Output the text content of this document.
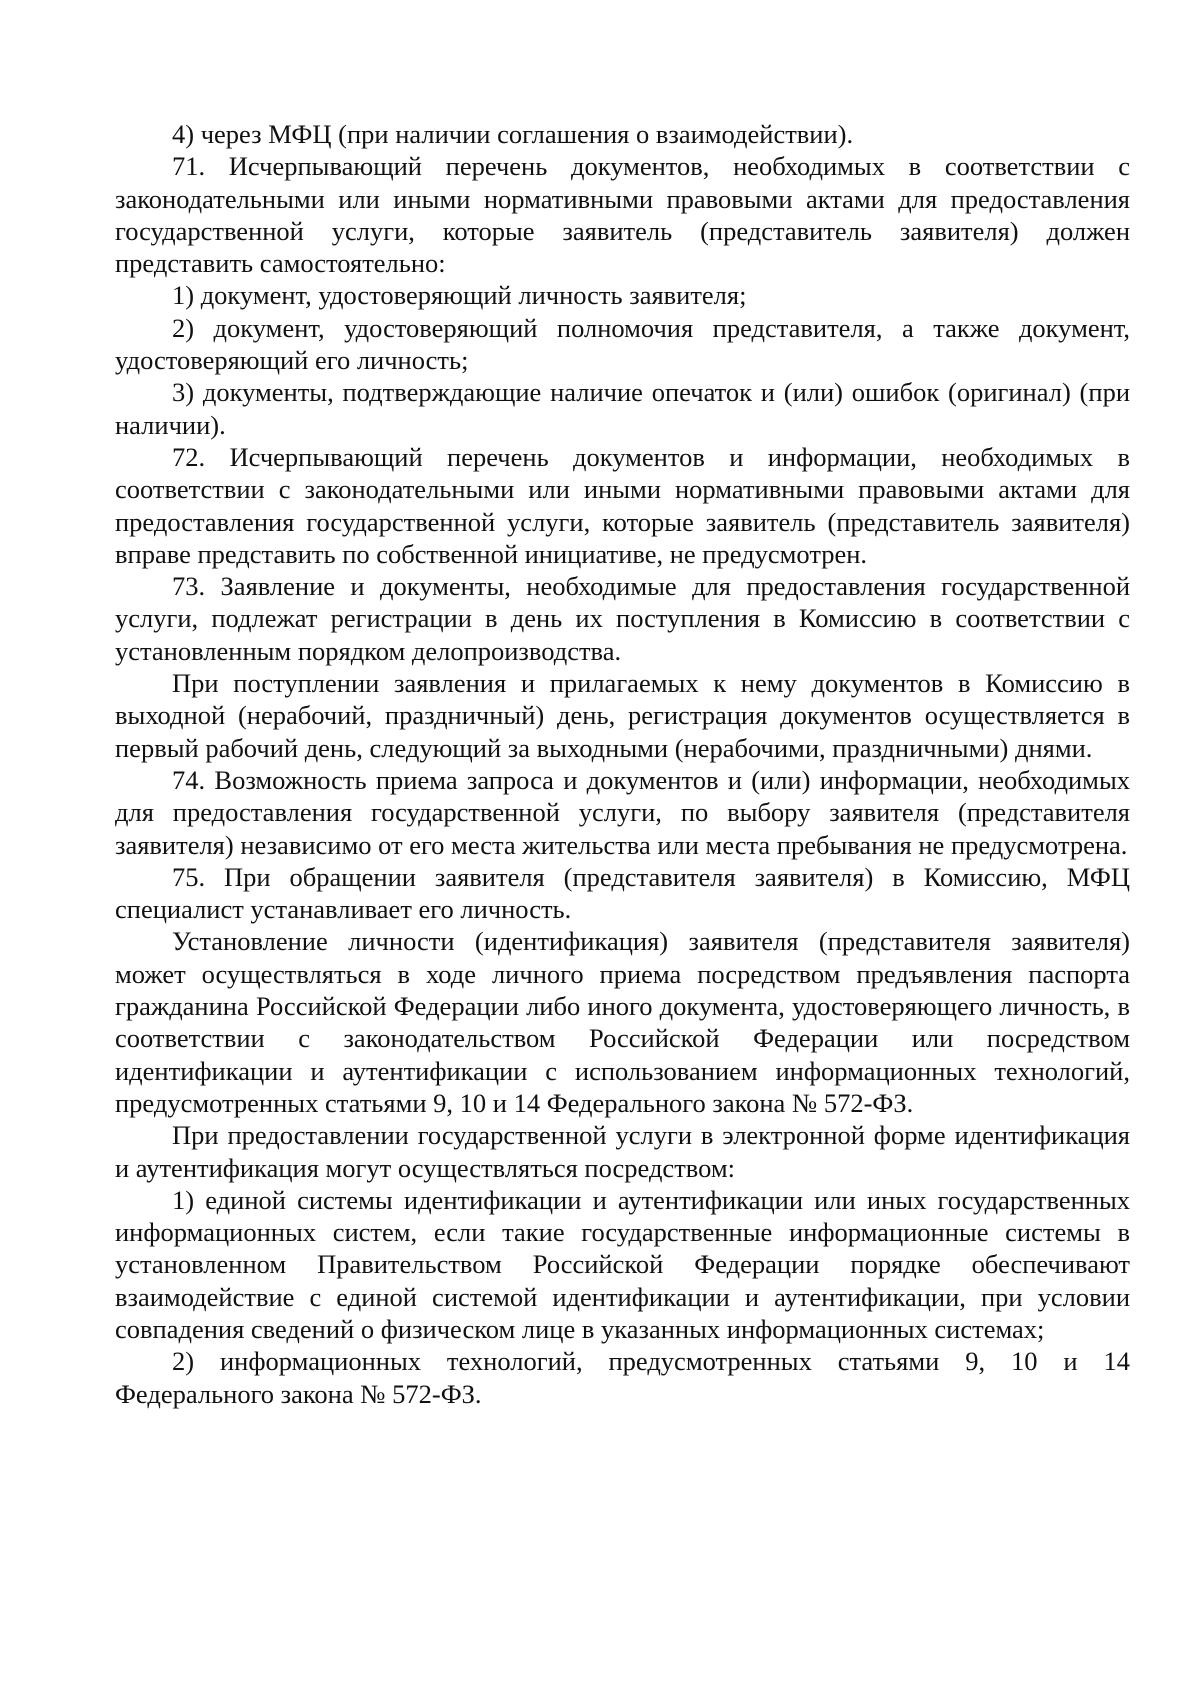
4) через МФЦ (при наличии соглашения о взаимодействии).

71. Исчерпывающий перечень документов, необходимых в соответствии с законодательными или иными нормативными правовыми актами для предоставления государственной услуги, которые заявитель (представитель заявителя) должен представить самостоятельно:

1) документ, удостоверяющий личность заявителя;

2) документ, удостоверяющий полномочия представителя, а также документ, удостоверяющий его личность;

3) документы, подтверждающие наличие опечаток и (или) ошибок (оригинал) (при наличии).

72. Исчерпывающий перечень документов и информации, необходимых в соответствии с законодательными или иными нормативными правовыми актами для предоставления государственной услуги, которые заявитель (представитель заявителя) вправе представить по собственной инициативе, не предусмотрен.

73. Заявление и документы, необходимые для предоставления государственной услуги, подлежат регистрации в день их поступления в Комиссию в соответствии с установленным порядком делопроизводства.

При поступлении заявления и прилагаемых к нему документов в Комиссию в выходной (нерабочий, праздничный) день, регистрация документов осуществляется в первый рабочий день, следующий за выходными (нерабочими, праздничными) днями.

74. Возможность приема запроса и документов и (или) информации, необходимых для предоставления государственной услуги, по выбору заявителя (представителя заявителя) независимо от его места жительства или места пребывания не предусмотрена.

75. При обращении заявителя (представителя заявителя) в Комиссию, МФЦ специалист устанавливает его личность.

Установление личности (идентификация) заявителя (представителя заявителя) может осуществляться в ходе личного приема посредством предъявления паспорта гражданина Российской Федерации либо иного документа, удостоверяющего личность, в соответствии с законодательством Российской Федерации или посредством идентификации и аутентификации с использованием информационных технологий, предусмотренных статьями 9, 10 и 14 Федерального закона № 572-ФЗ.

При предоставлении государственной услуги в электронной форме идентификация и аутентификация могут осуществляться посредством:

1) единой системы идентификации и аутентификации или иных государственных информационных систем, если такие государственные информационные системы в установленном Правительством Российской Федерации порядке обеспечивают взаимодействие с единой системой идентификации и аутентификации, при условии совпадения сведений о физическом лице в указанных информационных системах;

2) информационных технологий, предусмотренных статьями 9, 10 и 14 Федерального закона № 572-ФЗ.
